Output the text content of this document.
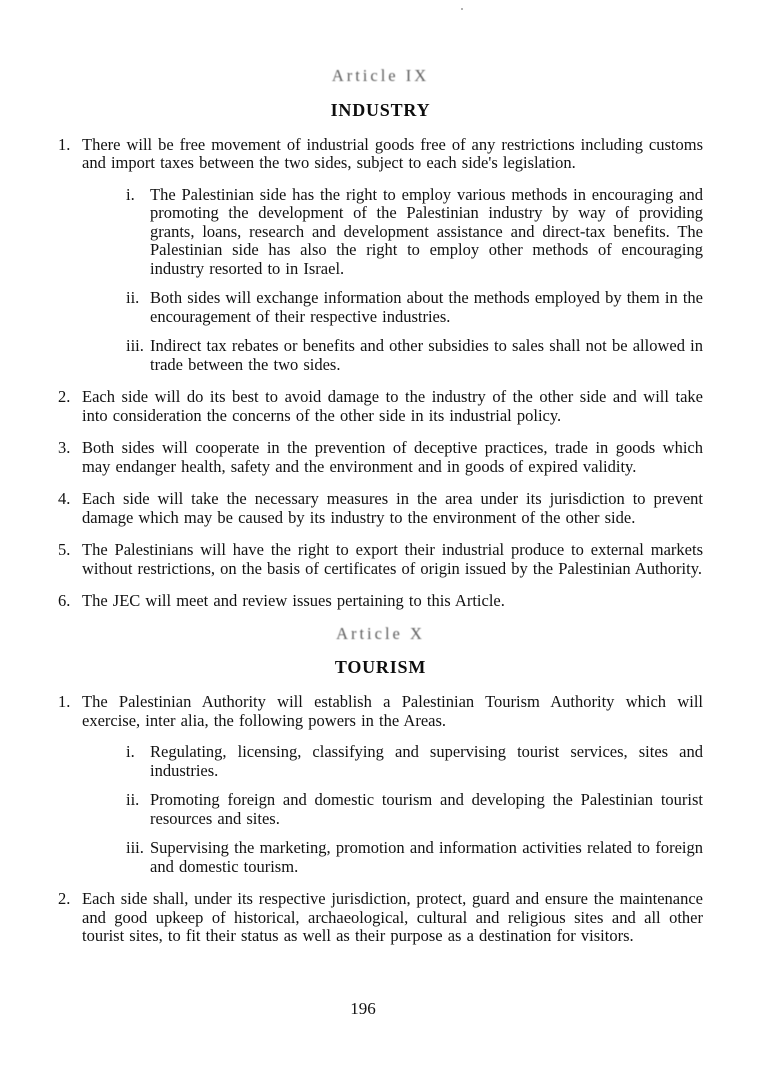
Article IX
INDUSTRY
1. There will be free movement of industrial goods free of any restrictions including customs and import taxes between the two sides, subject to each side's legislation.
i. The Palestinian side has the right to employ various methods in encouraging and promoting the development of the Palestinian industry by way of providing grants, loans, research and development assistance and direct-tax benefits. The Palestinian side has also the right to employ other methods of encouraging industry resorted to in Israel.
ii. Both sides will exchange information about the methods employed by them in the encouragement of their respective industries.
iii. Indirect tax rebates or benefits and other subsidies to sales shall not be allowed in trade between the two sides.
2. Each side will do its best to avoid damage to the industry of the other side and will take into consideration the concerns of the other side in its industrial policy.
3. Both sides will cooperate in the prevention of deceptive practices, trade in goods which may endanger health, safety and the environment and in goods of expired validity.
4. Each side will take the necessary measures in the area under its jurisdiction to prevent damage which may be caused by its industry to the environment of the other side.
5. The Palestinians will have the right to export their industrial produce to external markets without restrictions, on the basis of certificates of origin issued by the Palestinian Authority.
6. The JEC will meet and review issues pertaining to this Article.
Article X
TOURISM
1. The Palestinian Authority will establish a Palestinian Tourism Authority which will exercise, inter alia, the following powers in the Areas.
i. Regulating, licensing, classifying and supervising tourist services, sites and industries.
ii. Promoting foreign and domestic tourism and developing the Palestinian tourist resources and sites.
iii. Supervising the marketing, promotion and information activities related to foreign and domestic tourism.
2. Each side shall, under its respective jurisdiction, protect, guard and ensure the maintenance and good upkeep of historical, archaeological, cultural and religious sites and all other tourist sites, to fit their status as well as their purpose as a destination for visitors.
196
